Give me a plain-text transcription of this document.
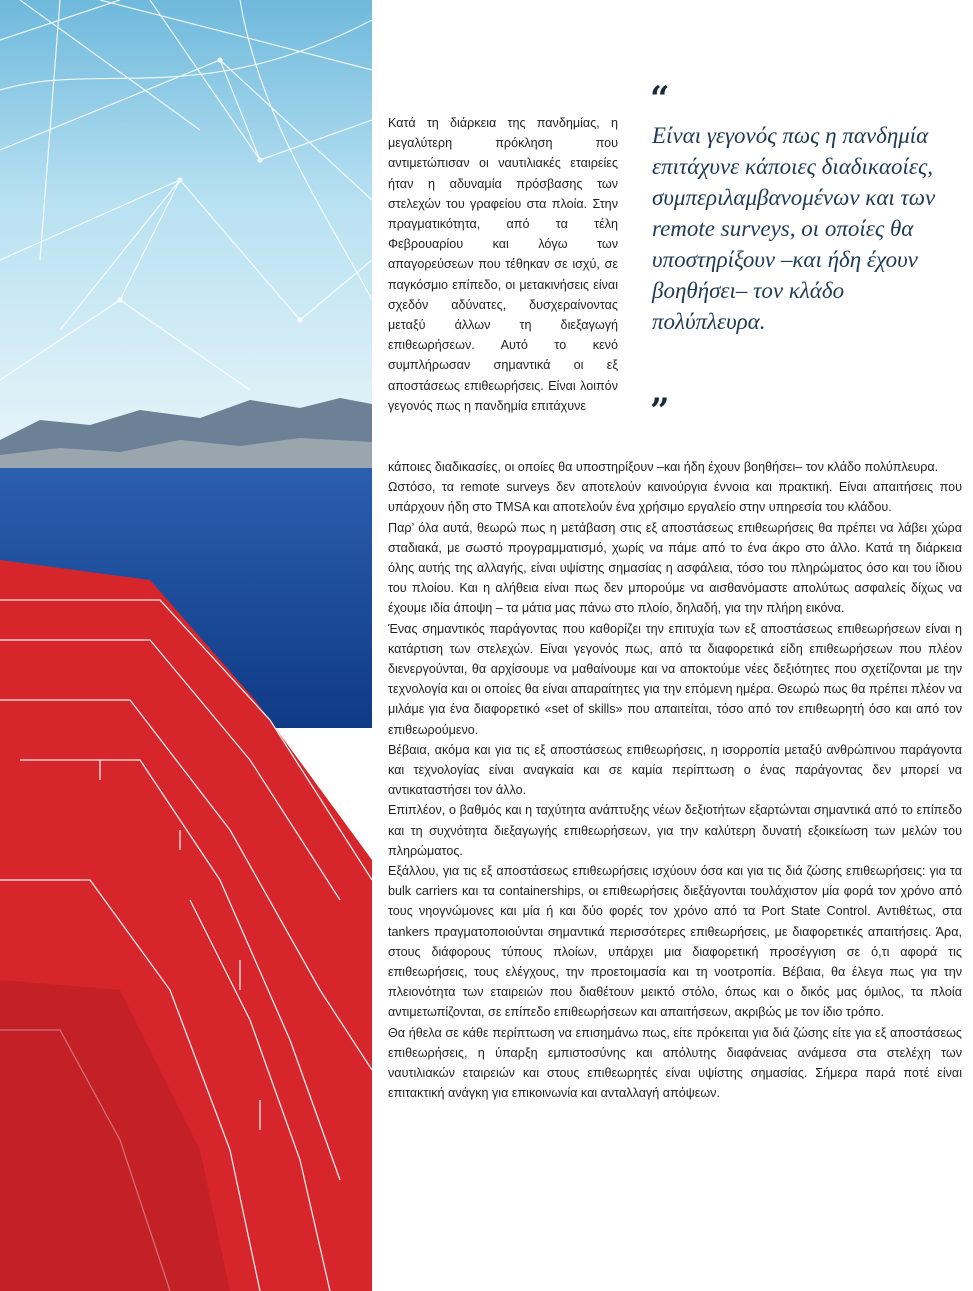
Κατά τη διάρκεια της πανδημίας, η μεγαλύτερη πρόκληση που αντιμετώπισαν οι ναυτιλιακές εταιρείες ήταν η αδυναμία πρόσβασης των στελεχών του γραφείου στα πλοία. Στην πραγματικότητα, από τα τέλη Φεβρουαρίου και λόγω των απαγορεύσεων που τέθηκαν σε ισχύ, σε παγκόσμιο επίπεδο, οι μετακινήσεις είναι σχεδόν αδύνατες, δυσχεραίνοντας μεταξύ άλλων τη διεξαγωγή επιθεωρήσεων. Αυτό το κενό συμπλήρωσαν σημαντικά οι εξ αποστάσεως επιθεωρήσεις. Είναι λοιπόν γεγονός πως η πανδημία επιτάχυνε

“
Είναι γεγονός πως η πανδημία επιτάχυνε κάποιες διαδικαoίες, συμπεριλαμβανομένων και των remote surveys, οι οποίες θα υποστηρίξουν –και ήδη έχουν βοηθήσει– τον κλάδο πολύπλευρα.
”

κάποιες διαδικασίες, οι οποίες θα υποστηρίξουν –και ήδη έχουν βοηθήσει– τον κλάδο πολύπλευρα.

Ωστόσο, τα remote surveys δεν αποτελούν καινούργια έννοια και πρακτική. Είναι απαιτήσεις που υπάρχουν ήδη στο TMSA και αποτελούν ένα χρήσιμο εργαλείο στην υπηρεσία του κλάδου.

Παρ’ όλα αυτά, θεωρώ πως η μετάβαση στις εξ αποστάσεως επιθεωρήσεις θα πρέπει να λάβει χώρα σταδιακά, με σωστό προγραμματισμό, χωρίς να πάμε από το ένα άκρο στο άλλο. Κατά τη διάρκεια όλης αυτής της αλλαγής, είναι υψίστης σημασίας η ασφάλεια, τόσο του πληρώματος όσο και του ίδιου του πλοίου. Και η αλήθεια είναι πως δεν μπορούμε να αισθανόμαστε απολύτως ασφαλείς δίχως να έχουμε ιδία άποψη – τα μάτια μας πάνω στο πλοίο, δηλαδή, για την πλήρη εικόνα.

Ένας σημαντικός παράγοντας που καθορίζει την επιτυχία των εξ αποστάσεως επιθεωρήσεων είναι η κατάρτιση των στελεχών. Είναι γεγονός πως, από τα διαφορετικά είδη επιθεωρήσεων που πλέον διενεργούνται, θα αρχίσουμε να μαθαίνουμε και να αποκτούμε νέες δεξιότητες που σχετίζονται με την τεχνολογία και οι οποίες θα είναι απαραίτητες για την επόμενη ημέρα. Θεωρώ πως θα πρέπει πλέον να μιλάμε για ένα διαφορετικό «set of skills» που απαιτείται, τόσο από τον επιθεωρητή όσο και από τον επιθεωρούμενο.

Βέβαια, ακόμα και για τις εξ αποστάσεως επιθεωρήσεις, η ισορροπία μεταξύ ανθρώπινου παράγοντα και τεχνολογίας είναι αναγκαία και σε καμία περίπτωση ο ένας παράγοντας δεν μπορεί να αντικαταστήσει τον άλλο.

Επιπλέον, ο βαθμός και η ταχύτητα ανάπτυξης νέων δεξιοτήτων εξαρτώνται σημαντικά από το επίπεδο και τη συχνότητα διεξαγωγής επιθεωρήσεων, για την καλύτερη δυνατή εξοικείωση των μελών του πληρώματος.

Εξάλλου, για τις εξ αποστάσεως επιθεωρήσεις ισχύουν όσα και για τις διά ζώσης επιθεωρήσεις: για τα bulk carriers και τα containerships, οι επιθεωρήσεις διεξάγονται τουλάχιστον μία φορά τον χρόνο από τους νηογνώμονες και μία ή και δύο φορές τον χρόνο από τα Port State Control. Αντιθέτως, στα tankers πραγματοποιούνται σημαντικά περισσότερες επιθεωρήσεις, με διαφορετικές απαιτήσεις. Άρα, στους διάφορους τύπους πλοίων, υπάρχει μια διαφορετική προσέγγιση σε ό,τι αφορά τις επιθεωρήσεις, τους ελέγχους, την προετοιμασία και τη νοοτροπία. Βέβαια, θα έλεγα πως για την πλειονότητα των εταιρειών που διαθέτουν μεικτό στόλο, όπως και ο δικός μας όμιλος, τα πλοία αντιμετωπίζονται, σε επίπεδο επιθεωρήσεων και απαιτήσεων, ακριβώς με τον ίδιο τρόπο.

Θα ήθελα σε κάθε περίπτωση να επισημάνω πως, είτε πρόκειται για διά ζώσης είτε για εξ αποστάσεως επιθεωρήσεις, η ύπαρξη εμπιστοσύνης και απόλυτης διαφάνειας ανάμεσα στα στελέχη των ναυτιλιακών εταιρειών και στους επιθεωρητές είναι υψίστης σημασίας. Σήμερα παρά ποτέ είναι επιτακτική ανάγκη για επικοινωνία και ανταλλαγή απόψεων.
